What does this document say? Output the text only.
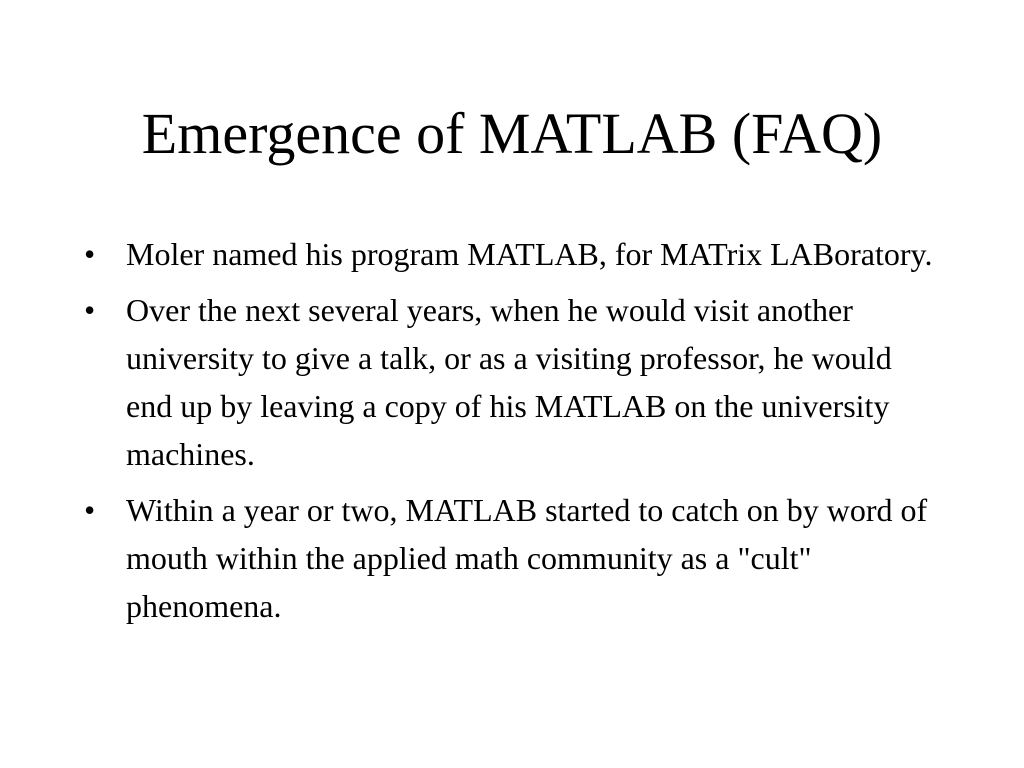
Emergence of MATLAB (FAQ)
• Moler named his program MATLAB, for MATrix LABoratory.
• Over the next several years, when he would visit another university to give a talk, or as a visiting professor, he would end up by leaving a copy of his MATLAB on the university machines.
• Within a year or two, MATLAB started to catch on by word of mouth within the applied math community as a "cult" phenomena.
